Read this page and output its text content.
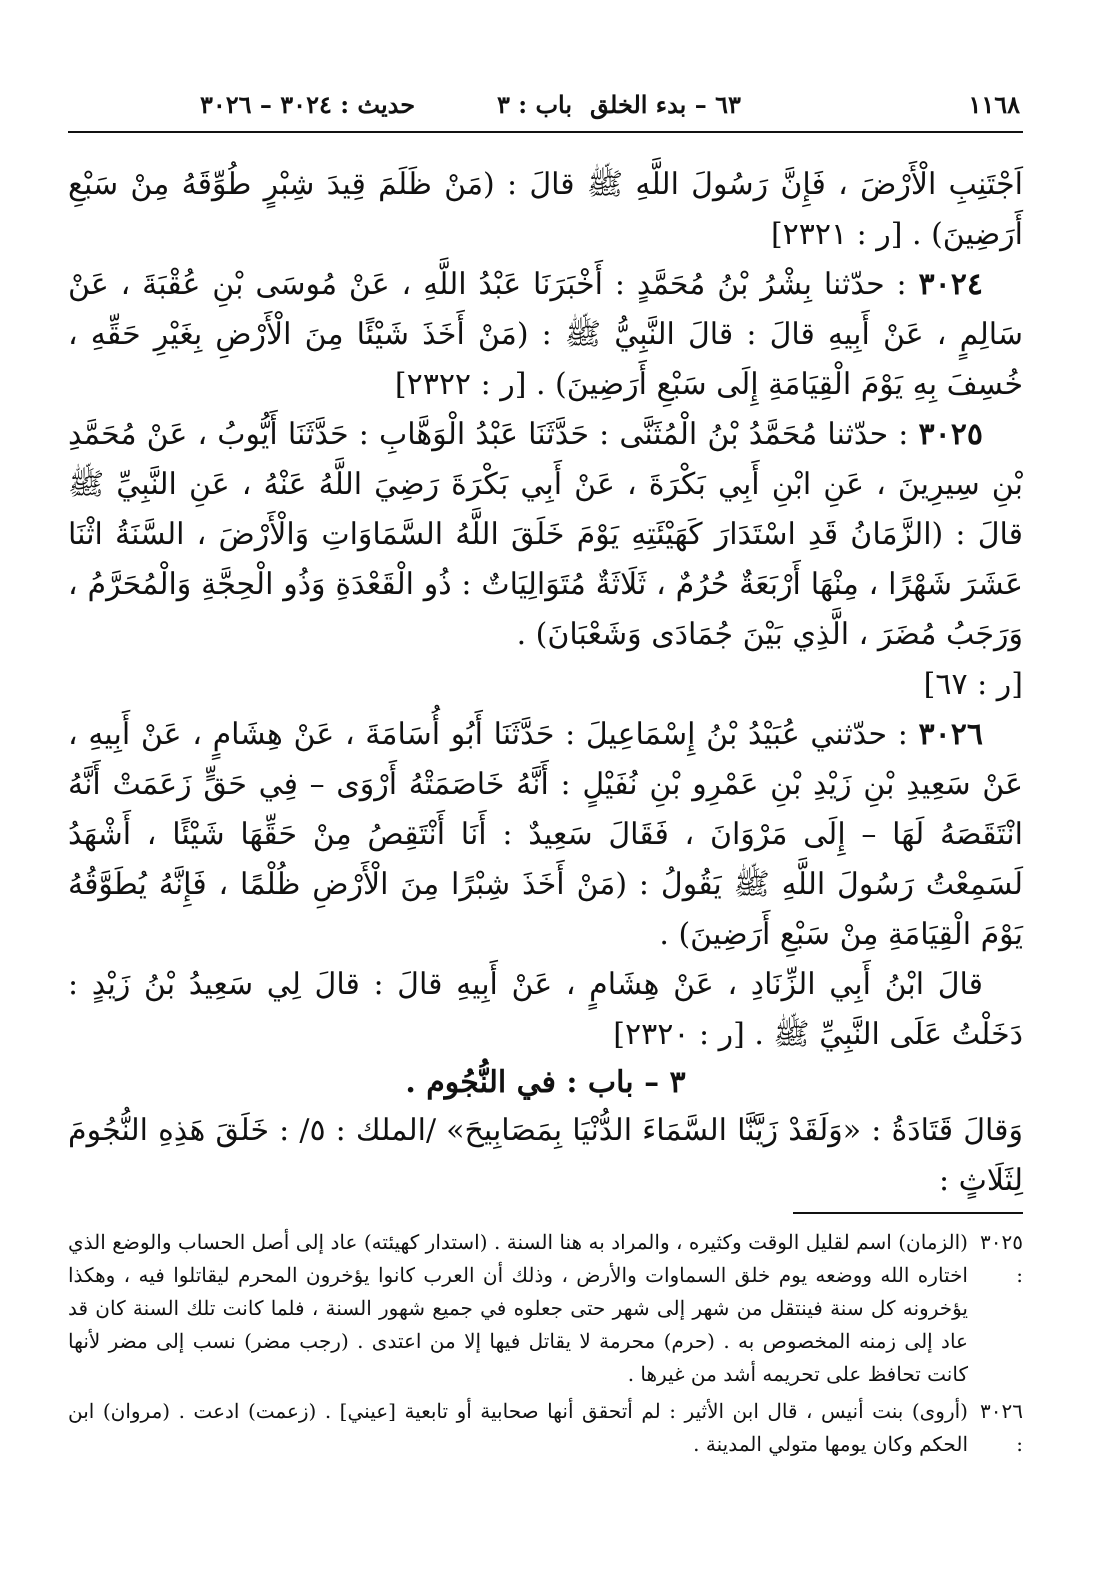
١١٦٨
٦٣ – بدء الخلق
باب : ٣
حديث : ٣٠٢٤ – ٣٠٢٦

اَجْتَنِبِ الْأَرْضَ ، فَإِنَّ رَسُولَ اللَّهِ ﷺ قالَ : (مَنْ ظَلَمَ قِيدَ شِبْرٍ طُوِّقَهُ مِنْ سَبْعِ أَرَضِينَ) . [ر : ٢٣٢١]

٣٠٢٤ : حدّثنا بِشْرُ بْنُ مُحَمَّدٍ : أَخْبَرَنَا عَبْدُ اللَّهِ ، عَنْ مُوسَى بْنِ عُقْبَةَ ، عَنْ سَالِمٍ ، عَنْ أَبِيهِ قالَ : قالَ النَّبِيُّ ﷺ : (مَنْ أَخَذَ شَيْئًا مِنَ الْأَرْضِ بِغَيْرِ حَقِّهِ ، خُسِفَ بِهِ يَوْمَ الْقِيَامَةِ إِلَى سَبْعِ أَرَضِينَ) . [ر : ٢٣٢٢]

٣٠٢٥ : حدّثنا مُحَمَّدُ بْنُ الْمُثَنَّى : حَدَّثَنَا عَبْدُ الْوَهَّابِ : حَدَّثَنَا أَيُّوبُ ، عَنْ مُحَمَّدِ بْنِ سِيرِينَ ، عَنِ ابْنِ أَبِي بَكْرَةَ ، عَنْ أَبِي بَكْرَةَ رَضِيَ اللَّهُ عَنْهُ ، عَنِ النَّبِيِّ ﷺ قالَ : (الزَّمَانُ قَدِ اسْتَدَارَ كَهَيْئَتِهِ يَوْمَ خَلَقَ اللَّهُ السَّمَاوَاتِ وَالْأَرْضَ ، السَّنَةُ اثْنَا عَشَرَ شَهْرًا ، مِنْهَا أَرْبَعَةٌ حُرُمٌ ، ثَلَاثَةٌ مُتَوَالِيَاتٌ : ذُو الْقَعْدَةِ وَذُو الْحِجَّةِ وَالْمُحَرَّمُ ، وَرَجَبُ مُضَرَ ، الَّذِي بَيْنَ جُمَادَى وَشَعْبَانَ) .

[ر : ٦٧]

٣٠٢٦ : حدّثني عُبَيْدُ بْنُ إِسْمَاعِيلَ : حَدَّثَنَا أَبُو أُسَامَةَ ، عَنْ هِشَامٍ ، عَنْ أَبِيهِ ، عَنْ سَعِيدِ بْنِ زَيْدِ بْنِ عَمْرِو بْنِ نُفَيْلٍ : أَنَّهُ خَاصَمَتْهُ أَرْوَى – فِي حَقٍّ زَعَمَتْ أَنَّهُ انْتَقَصَهُ لَهَا – إِلَى مَرْوَانَ ، فَقَالَ سَعِيدٌ : أَنَا أَنْتَقِصُ مِنْ حَقِّهَا شَيْئًا ، أَشْهَدُ لَسَمِعْتُ رَسُولَ اللَّهِ ﷺ يَقُولُ : (مَنْ أَخَذَ شِبْرًا مِنَ الْأَرْضِ ظُلْمًا ، فَإِنَّهُ يُطَوَّقُهُ يَوْمَ الْقِيَامَةِ مِنْ سَبْعِ أَرَضِينَ) .

قالَ ابْنُ أَبِي الزِّنَادِ ، عَنْ هِشَامٍ ، عَنْ أَبِيهِ قالَ : قالَ لِي سَعِيدُ بْنُ زَيْدٍ : دَخَلْتُ عَلَى النَّبِيِّ ﷺ . [ر : ٢٣٢٠]

٣ – باب : في النُّجُوم .

وَقالَ قَتَادَةُ : «وَلَقَدْ زَيَّنَّا السَّمَاءَ الدُّنْيَا بِمَصَابِيحَ» /الملك : ٥/ : خَلَقَ هَذِهِ النُّجُومَ لِثَلَاثٍ :

٣٠٢٥ :
(الزمان) اسم لقليل الوقت وكثيره ، والمراد به هنا السنة . (استدار كهيئته) عاد إلى أصل الحساب والوضع الذي اختاره الله ووضعه يوم خلق السماوات والأرض ، وذلك أن العرب كانوا يؤخرون المحرم ليقاتلوا فيه ، وهكذا يؤخرونه كل سنة فينتقل من شهر إلى شهر حتى جعلوه في جميع شهور السنة ، فلما كانت تلك السنة كان قد عاد إلى زمنه المخصوص به . (حرم) محرمة لا يقاتل فيها إلا من اعتدى . (رجب مضر) نسب إلى مضر لأنها كانت تحافظ على تحريمه أشد من غيرها .
٣٠٢٦ :
(أروى) بنت أنيس ، قال ابن الأثير : لم أتحقق أنها صحابية أو تابعية [عيني] . (زعمت) ادعت . (مروان) ابن الحكم وكان يومها متولي المدينة .
